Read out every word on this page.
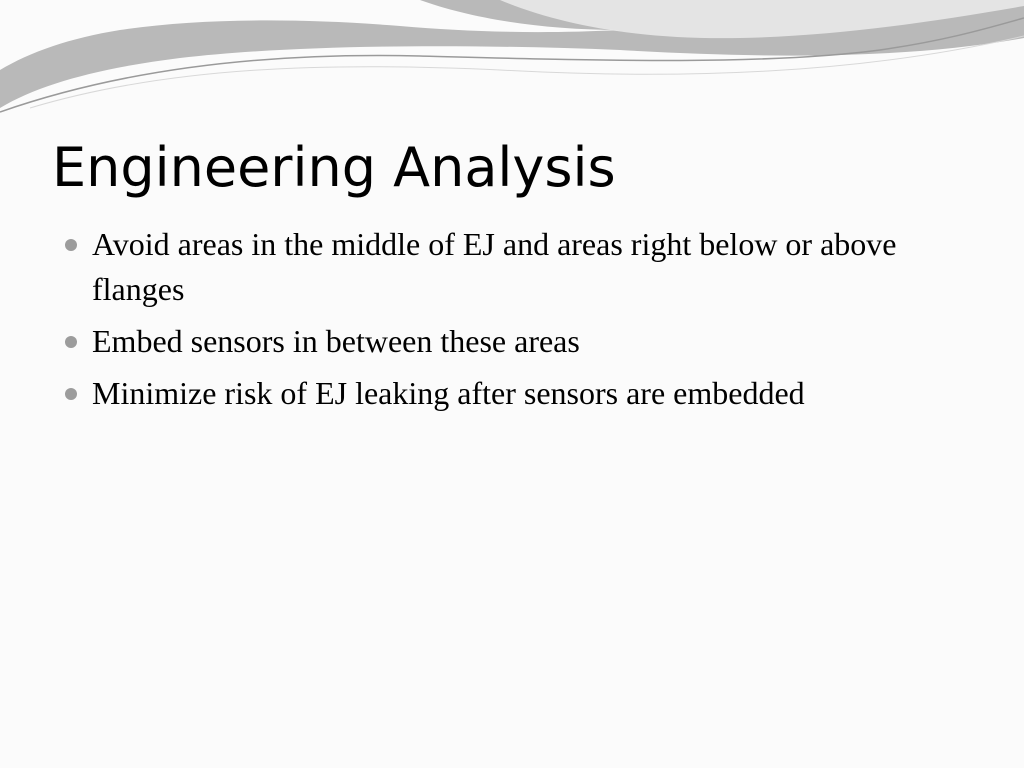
Engineering Analysis
Avoid areas in the middle of EJ and areas right below or above flanges
Embed sensors in between these areas
Minimize risk of EJ leaking after sensors are embedded
